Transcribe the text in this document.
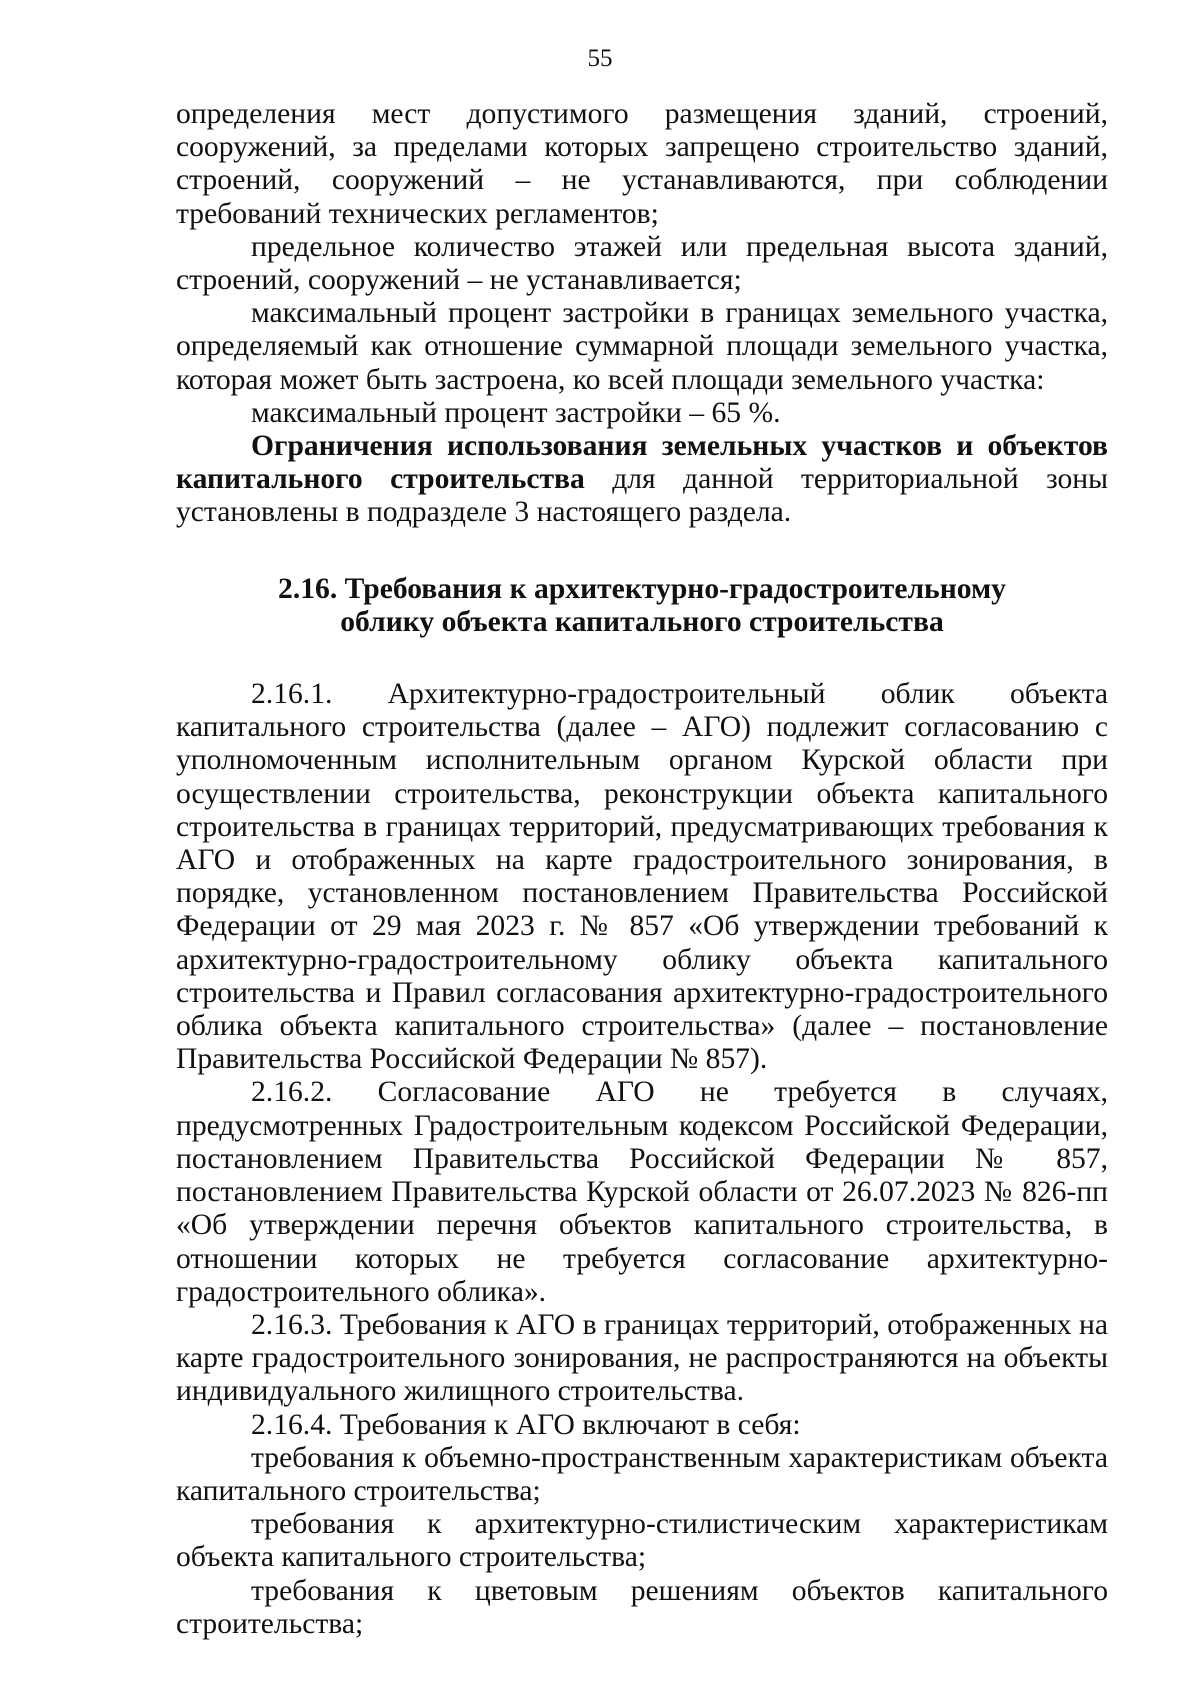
55

определения мест допустимого размещения зданий, строений, сооружений, за пределами которых запрещено строительство зданий, строений, сооружений – не устанавливаются, при соблюдении требований технических регламентов;

предельное количество этажей или предельная высота зданий, строений, сооружений – не устанавливается;

максимальный процент застройки в границах земельного участка, определяемый как отношение суммарной площади земельного участка, которая может быть застроена, ко всей площади земельного участка:

максимальный процент застройки – 65 %.

Ограничения использования земельных участков и объектов капитального строительства для данной территориальной зоны установлены в подразделе 3 настоящего раздела.

2.16. Требования к архитектурно-градостроительному
облику объекта капитального строительства

2.16.1. Архитектурно-градостроительный облик объекта капитального строительства (далее – АГО) подлежит согласованию с уполномоченным исполнительным органом Курской области при осуществлении строительства, реконструкции объекта капитального строительства в границах территорий, предусматривающих требования к АГО и отображенных на карте градостроительного зонирования, в порядке, установленном постановлением Правительства Российской Федерации от 29 мая 2023 г. № 857 «Об утверждении требований к архитектурно-градостроительному облику объекта капитального строительства и Правил согласования архитектурно-градостроительного облика объекта капитального строительства» (далее – постановление Правительства Российской Федерации № 857).

2.16.2. Согласование АГО не требуется в случаях, предусмотренных Градостроительным кодексом Российской Федерации, постановлением Правительства Российской Федерации № 857, постановлением Правительства Курской области от 26.07.2023 № 826-пп «Об утверждении перечня объектов капитального строительства, в отношении которых не требуется согласование архитектурно-градостроительного облика».

2.16.3. Требования к АГО в границах территорий, отображенных на карте градостроительного зонирования, не распространяются на объекты индивидуального жилищного строительства.

2.16.4. Требования к АГО включают в себя:

требования к объемно-пространственным характеристикам объекта капитального строительства;

требования к архитектурно-стилистическим характеристикам объекта капитального строительства;

требования к цветовым решениям объектов капитального строительства;
